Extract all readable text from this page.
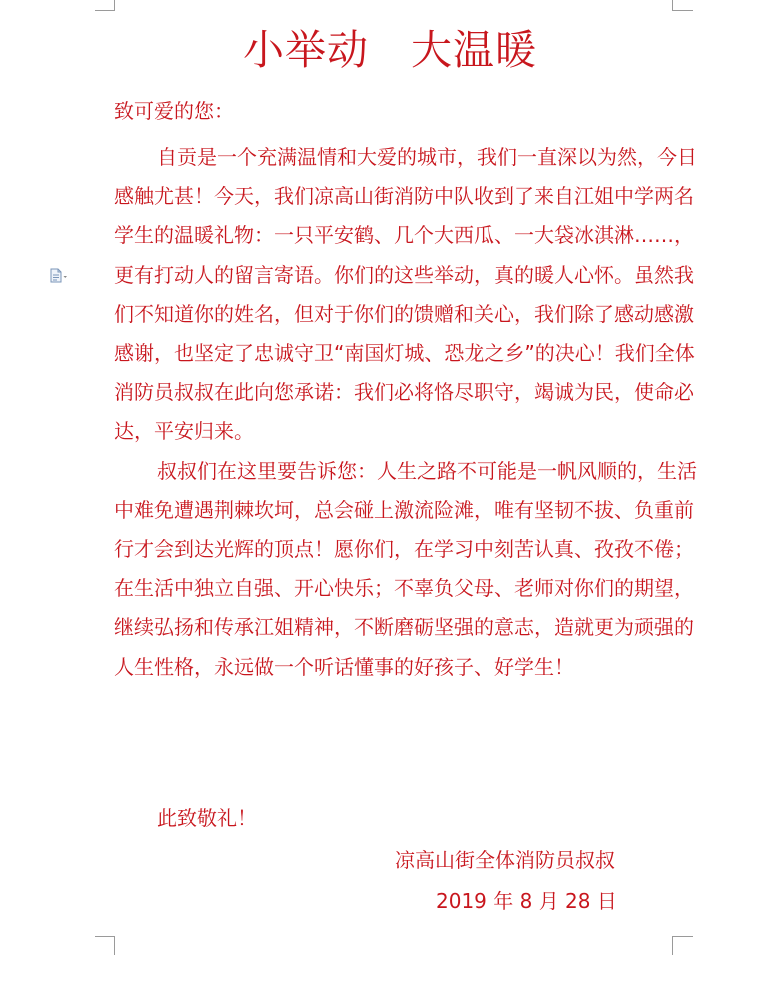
小举动　大温暖
致可爱的您：

自贡是一个充满温情和大爱的城市，我们一直深以为然，今日感触尤甚！今天，我们凉高山街消防中队收到了来自江姐中学两名学生的温暖礼物：一只平安鹤、几个大西瓜、一大袋冰淇淋……，更有打动人的留言寄语。你们的这些举动，真的暖人心怀。虽然我们不知道你的姓名，但对于你们的馈赠和关心，我们除了感动感激感谢，也坚定了忠诚守卫“南国灯城、恐龙之乡”的决心！我们全体消防员叔叔在此向您承诺：我们必将恪尽职守，竭诚为民，使命必达，平安归来。

叔叔们在这里要告诉您：人生之路不可能是一帆风顺的，生活中难免遭遇荆棘坎坷，总会碰上激流险滩，唯有坚韧不拔、负重前行才会到达光辉的顶点！愿你们，在学习中刻苦认真、孜孜不倦；在生活中独立自强、开心快乐；不辜负父母、老师对你们的期望，继续弘扬和传承江姐精神，不断磨砺坚强的意志，造就更为顽强的人生性格，永远做一个听话懂事的好孩子、好学生！

此致敬礼！
凉高山街全体消防员叔叔
2019 年 8 月 28 日
